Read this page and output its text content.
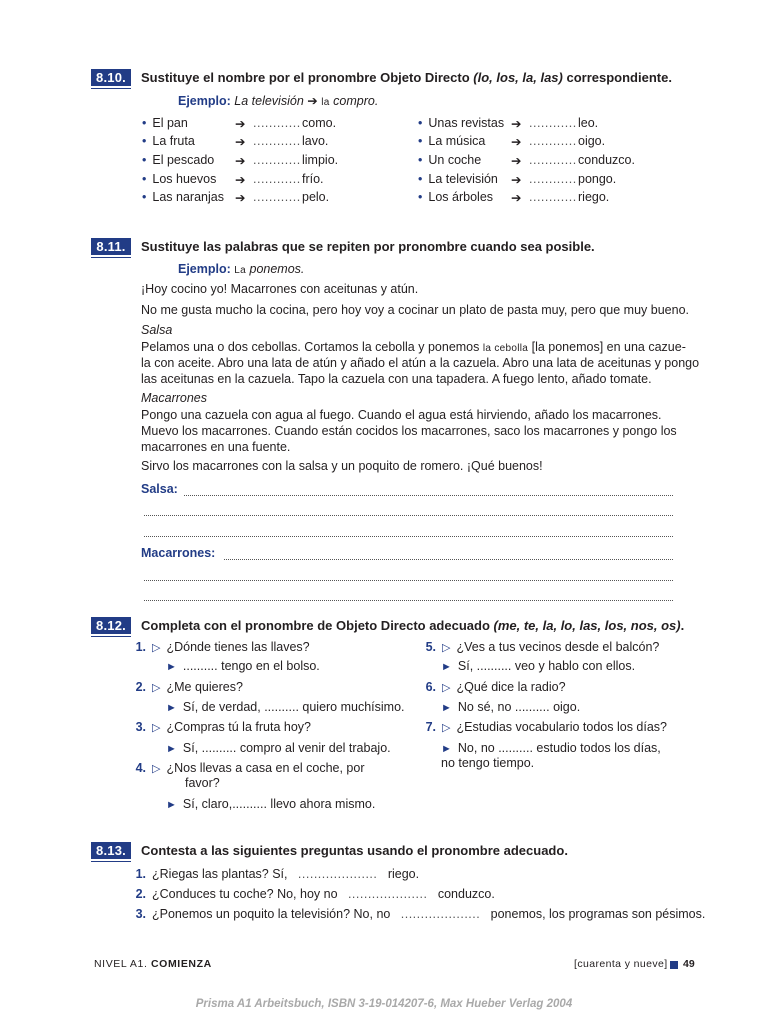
8.10.	Sustituye el nombre por el pronombre Objeto Directo (lo, los, la, las) correspondiente.
Ejemplo: La televisión ➔ la compro.
• El pan	➔ ............ como.
• La fruta	➔ ............ lavo.
• El pescado ➔ ............ limpio.
• Los huevos ➔ ............ frío.
• Las naranjas ➔ ............ pelo.
• Unas revistas ➔ ............ leo.
• La música ➔ ............ oigo.
• Un coche ➔ ............ conduzco.
• La televisión ➔ ............ pongo.
• Los árboles ➔ ............ riego.
8.11.	Sustituye las palabras que se repiten por pronombre cuando sea posible.
Ejemplo: La ponemos.
¡Hoy cocino yo! Macarrones con aceitunas y atún.
No me gusta mucho la cocina, pero hoy voy a cocinar un plato de pasta muy, pero que muy bueno.
Salsa
Pelamos una o dos cebollas. Cortamos la cebolla y ponemos la cebolla [la ponemos] en una cazue-
la con aceite. Abro una lata de atún y añado el atún a la cazuela. Abro una lata de aceitunas y pongo
las aceitunas en la cazuela. Tapo la cazuela con una tapadera. A fuego lento, añado tomate.
Macarrones
Pongo una cazuela con agua al fuego. Cuando el agua está hirviendo, añado los macarrones.
Muevo los macarrones. Cuando están cocidos los macarrones, saco los macarrones y pongo los
macarrones en una fuente.
Sirvo los macarrones con la salsa y un poquito de romero. ¡Qué buenos!
Salsa:
Macarrones:
8.12.	Completa con el pronombre de Objeto Directo adecuado (me, te, la, lo, las, los, nos, os).
1. ▷ ¿Dónde tienes las llaves?
► .......... tengo en el bolso.
2. ▷ ¿Me quieres?
► Sí, de verdad, .......... quiero muchísimo.
3. ▷ ¿Compras tú la fruta hoy?
► Sí, .......... compro al venir del trabajo.
4. ▷ ¿Nos llevas a casa en el coche, por
favor?
► Sí, claro,.......... llevo ahora mismo.
5. ▷ ¿Ves a tus vecinos desde el balcón?
► Sí, .......... veo y hablo con ellos.
6. ▷ ¿Qué dice la radio?
► No sé, no .......... oigo.
7. ▷ ¿Estudias vocabulario todos los días?
► No, no .......... estudio todos los días,
no tengo tiempo.
8.13.	Contesta a las siguientes preguntas usando el pronombre adecuado.
1. ¿Riegas las plantas? Sí, .................... riego.
2. ¿Conduces tu coche? No, hoy no .................... conduzco.
3. ¿Ponemos un poquito la televisión? No, no .................... ponemos, los programas son pésimos.
NIVEL A1. COMIENZA	[cuarenta y nueve] 49
Prisma A1 Arbeitsbuch, ISBN 3-19-014207-6, Max Hueber Verlag 2004
